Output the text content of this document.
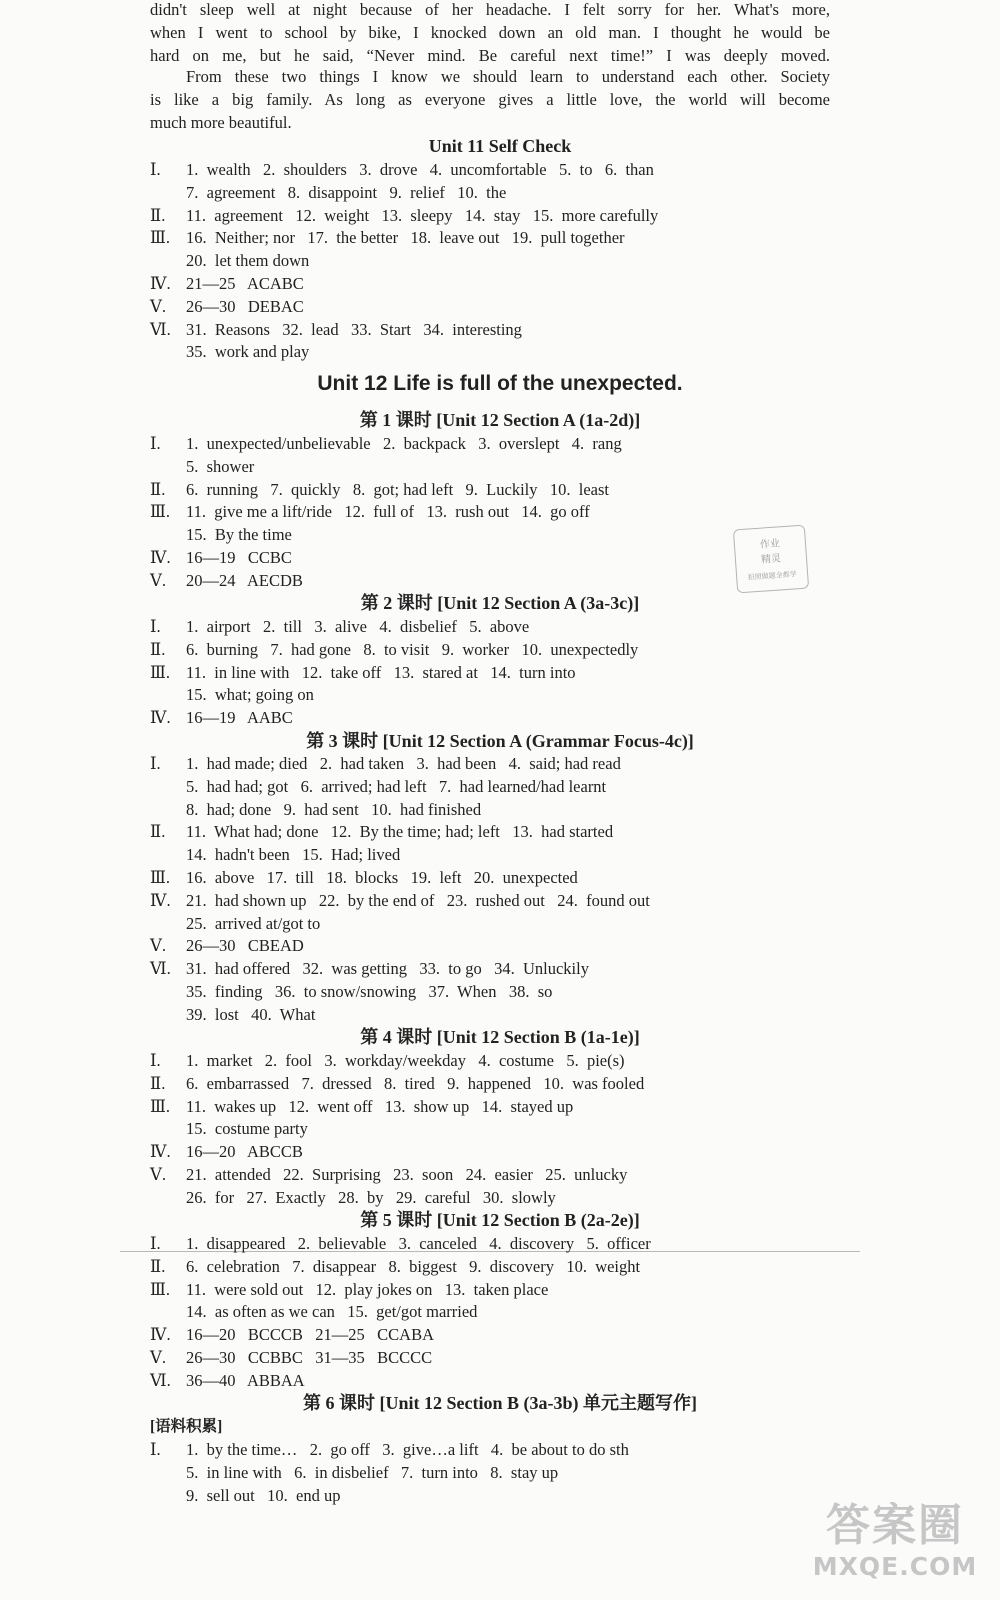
didn't sleep well at night because of her headache. I felt sorry for her. What's more,
when I went to school by bike, I knocked down an old man. I thought he would be
hard on me, but he said, “Never mind. Be careful next time!” I was deeply moved.
From these two things I know we should learn to understand each other. Society
is like a big family. As long as everyone gives a little love, the world will become
much more beautiful.
Unit 11 Self Check
Ⅰ. 1.  wealth   2.  shoulders   3.  drove   4.  uncomfortable   5.  to   6.  than
7.  agreement   8.  disappoint   9.  relief   10.  the
Ⅱ. 11.  agreement   12.  weight   13.  sleepy   14.  stay   15.  more carefully
Ⅲ. 16.  Neither; nor   17.  the better   18.  leave out   19.  pull together
20.  let them down
Ⅳ. 21—25   ACABC
Ⅴ. 26—30   DEBAC
Ⅵ. 31.  Reasons   32.  lead   33.  Start   34.  interesting
35.  work and play
Unit 12 Life is full of the unexpected.
第 1 课时 [Unit 12 Section A (1a-2d)]
Ⅰ. 1.  unexpected/unbelievable   2.  backpack   3.  overslept   4.  rang
5.  shower
Ⅱ. 6.  running   7.  quickly   8.  got; had left   9.  Luckily   10.  least
Ⅲ. 11.  give me a lift/ride   12.  full of   13.  rush out   14.  go off
15.  By the time
Ⅳ. 16—19   CCBC
Ⅴ. 20—24   AECDB
作业
精灵
拍照做题全都学
第 2 课时 [Unit 12 Section A (3a-3c)]
Ⅰ. 1.  airport   2.  till   3.  alive   4.  disbelief   5.  above
Ⅱ. 6.  burning   7.  had gone   8.  to visit   9.  worker   10.  unexpectedly
Ⅲ. 11.  in line with   12.  take off   13.  stared at   14.  turn into
15.  what; going on
Ⅳ. 16—19   AABC
第 3 课时 [Unit 12 Section A (Grammar Focus-4c)]
Ⅰ. 1.  had made; died   2.  had taken   3.  had been   4.  said; had read
5.  had had; got   6.  arrived; had left   7.  had learned/had learnt
8.  had; done   9.  had sent   10.  had finished
Ⅱ. 11.  What had; done   12.  By the time; had; left   13.  had started
14.  hadn't been   15.  Had; lived
Ⅲ. 16.  above   17.  till   18.  blocks   19.  left   20.  unexpected
Ⅳ. 21.  had shown up   22.  by the end of   23.  rushed out   24.  found out
25.  arrived at/got to
Ⅴ. 26—30   CBEAD
Ⅵ. 31.  had offered   32.  was getting   33.  to go   34.  Unluckily
35.  finding   36.  to snow/snowing   37.  When   38.  so
39.  lost   40.  What
第 4 课时 [Unit 12 Section B (1a-1e)]
Ⅰ. 1.  market   2.  fool   3.  workday/weekday   4.  costume   5.  pie(s)
Ⅱ. 6.  embarrassed   7.  dressed   8.  tired   9.  happened   10.  was fooled
Ⅲ. 11.  wakes up   12.  went off   13.  show up   14.  stayed up
15.  costume party
Ⅳ. 16—20   ABCCB
Ⅴ. 21.  attended   22.  Surprising   23.  soon   24.  easier   25.  unlucky
26.  for   27.  Exactly   28.  by   29.  careful   30.  slowly
第 5 课时 [Unit 12 Section B (2a-2e)]
Ⅰ. 1.  disappeared   2.  believable   3.  canceled   4.  discovery   5.  officer
Ⅱ. 6.  celebration   7.  disappear   8.  biggest   9.  discovery   10.  weight
Ⅲ. 11.  were sold out   12.  play jokes on   13.  taken place
14.  as often as we can   15.  get/got married
Ⅳ. 16—20   BCCCB   21—25   CCABA
Ⅴ. 26—30   CCBBC   31—35   BCCCC
Ⅵ. 36—40   ABBAA
第 6 课时 [Unit 12 Section B (3a-3b) 单元主题写作]
[语料积累]
Ⅰ. 1.  by the time…   2.  go off   3.  give…a lift   4.  be about to do sth
5.  in line with   6.  in disbelief   7.  turn into   8.  stay up
9.  sell out   10.  end up
答案圈
MXQE.COM
